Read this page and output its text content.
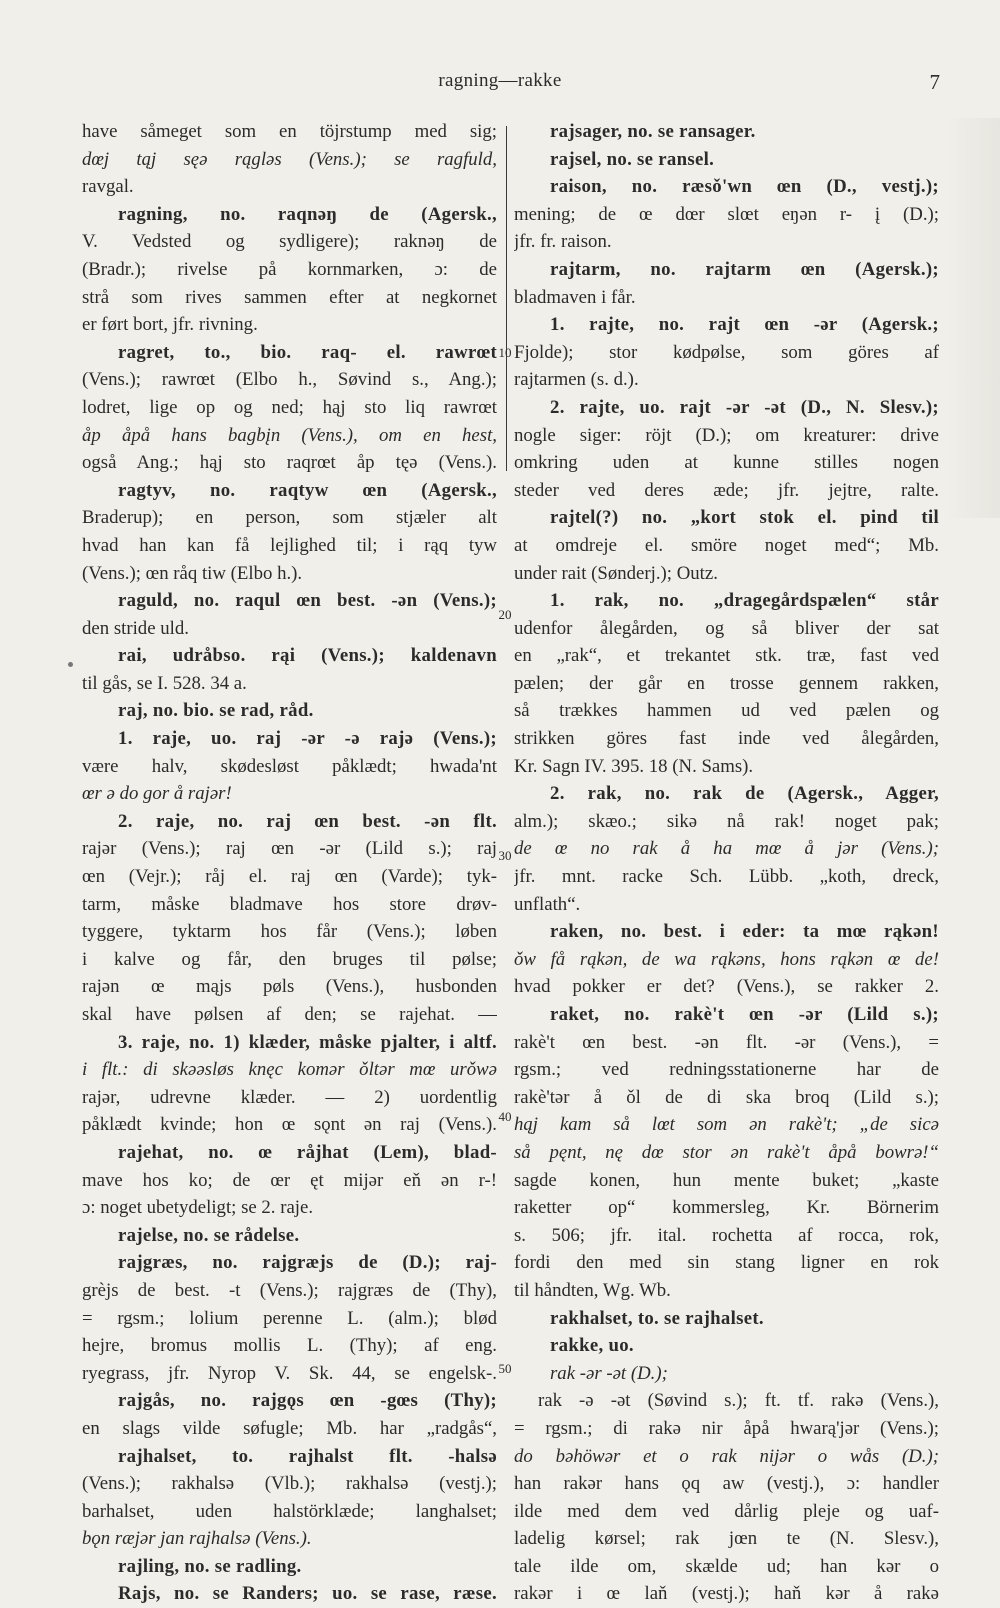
ragning—rakke	7
10
20
30
40
50
have såmeget som en töjrstump med sig;
dœj tąj sęə rąglǝs (Vens.); se ragfuld,
ravgal.
ragning, no. raqnəŋ de (Agersk.,
V. Vedsted og sydligere); raknəŋ de
(Bradr.); rivelse på kornmarken, ɔ: de
strå som rives sammen efter at negkornet
er ført bort, jfr. rivning.
ragret, to., bio. raq- el. rawrœt
(Vens.); rawrœt (Elbo h., Søvind s., Ang.);
lodret, lige op og ned; hąj sto liq rawrœt
åp åpå hans bagbįn (Vens.), om en hest,
også Ang.; hąj sto raqrœt åp tęə (Vens.).
ragtyv, no. raqtyw œn (Agersk.,
Braderup); en person, som stjæler alt
hvad han kan få lejlighed til; i rąq tyw
(Vens.); œn råq tiw (Elbo h.).
raguld, no. raqul œn best. -ən (Vens.);
den stride uld.
rai, udråbso. rąi (Vens.); kaldenavn
til gås, se I. 528. 34 a.
raj, no. bio. se rad, råd.
1. raje, uo. raj -ər -ə rajə (Vens.);
være halv, skødesløst påklædt; hwada'nt
œr ə do gor å rajər!
2. raje, no. raj œn best. -ən flt.
rajər (Vens.); raj œn -ər (Lild s.); raj
œn (Vejr.); råj el. raj œn (Varde); tyk-
tarm, måske bladmave hos store drøv-
tyggere, tyktarm hos får (Vens.); løben
i kalve og får, den bruges til pølse;
rajən œ mąjs pøls (Vens.), husbonden
skal have pølsen af den; se rajehat. —
3. raje, no. 1) klæder, måske pjalter, i altf.
i flt.: di skǝəsløs knęc komər ǒltər mœ urǒwə
rajər, udrevne klæder. — 2) uordentlig
påklædt kvinde; hon œ sǫnt ən raj (Vens.).
rajehat, no. œ råjhat (Lem), blad-
mave hos ko; de œr ęt mijər eň ən r-!
ɔ: noget ubetydeligt; se 2. raje.
rajelse, no. se rådelse.
rajgræs, no. rajgræjs de (D.); raj-
grèjs de best. -t (Vens.); rajgræs de (Thy),
= rgsm.; lolium perenne L. (alm.); blød
hejre, bromus mollis L. (Thy); af eng.
ryegrass, jfr. Nyrop V. Sk. 44, se engelsk-.
rajgås, no. rajgǫs œn -gœs (Thy);
en slags vilde søfugle; Mb. har „radgås“,
rajhalset, to. rajhalst flt. -halsə
(Vens.); rakhalsə (Vlb.); rakhalsə (vestj.);
barhalset, uden halstörklæde; langhalset;
bǫn ræjər jan rajhalsə (Vens.).
rajling, no. se radling.
Rajs, no. se Randers; uo. se rase, ræse.
rajsager, no. se ransager.
rajsel, no. se ransel.
raison, no. ræsǒ'wn œn (D., vestj.);
mening; de œ dœr slœt eŋən r- į (D.);
jfr. fr. raison.
rajtarm, no. rajtarm œn (Agersk.);
bladmaven i får.
1. rajte, no. rajt œn -ər (Agersk.;
Fjolde); stor kødpølse, som göres af
rajtarmen (s. d.).
2. rajte, uo. rajt -ər -ət (D., N. Slesv.);
nogle siger: röjt (D.); om kreaturer: drive
omkring uden at kunne stilles nogen
steder ved deres æde; jfr. jejtre, ralte.
rajtel(?) no. „kort stok el. pind til
at omdreje el. smöre noget med“; Mb.
under rait (Sønderj.); Outz.
1. rak, no. „dragegårdspælen“ står
udenfor ålegården, og så bliver der sat
en „rak“, et trekantet stk. træ, fast ved
pælen; der går en trosse gennem rakken,
så trækkes hammen ud ved pælen og
strikken göres fast inde ved ålegården,
Kr. Sagn IV. 395. 18 (N. Sams).
2. rak, no. rak de (Agersk., Agger,
alm.); skæo.; sikə nå rak! noget pak;
de œ no rak å ha mœ å jǝr (Vens.);
jfr. mnt. racke Sch. Lübb. „koth, dreck,
unflath“.
raken, no. best. i eder: ta mœ rąkən!
ǒw få rąkən, de wa rąkəns, hons rąkən œ de!
hvad pokker er det? (Vens.), se rakker 2.
raket, no. rakè't œn -ər (Lild s.);
rakè't œn best. -ən flt. -ər (Vens.), =
rgsm.; ved redningsstationerne har de
rakè'tər å ǒl de di ska broq (Lild s.);
hąj kam så lœt som ən rakè't; „de sicə
så pęnt, nę dœ stor ən rakè't åpå bowrə!“
sagde konen, hun mente buket; „kaste
raketter op“ kommersleg, Kr. Börnerim
s. 506; jfr. ital. rochetta af rocca, rok,
fordi den med sin stang ligner en rok
til håndten, Wg. Wb.
rakhalset, to. se rajhalset.
rakke, uo.
rak -ər -ət (D.);
rak -ə -ət (Søvind s.); ft. tf. rakə (Vens.),
= rgsm.; di rakə nir åpå hwarą'jər (Vens.);
do bəhöwər et o rak nijər o wås (D.);
han rakər hans ǫq aw (vestj.), ɔ: handler
ilde med dem ved dårlig pleje og uaf-
ladelig kørsel; rak jœn te (N. Slesv.),
tale ilde om, skælde ud; han kǝr o
rakər i œ laň (vestj.); haň kǝr å rakə
